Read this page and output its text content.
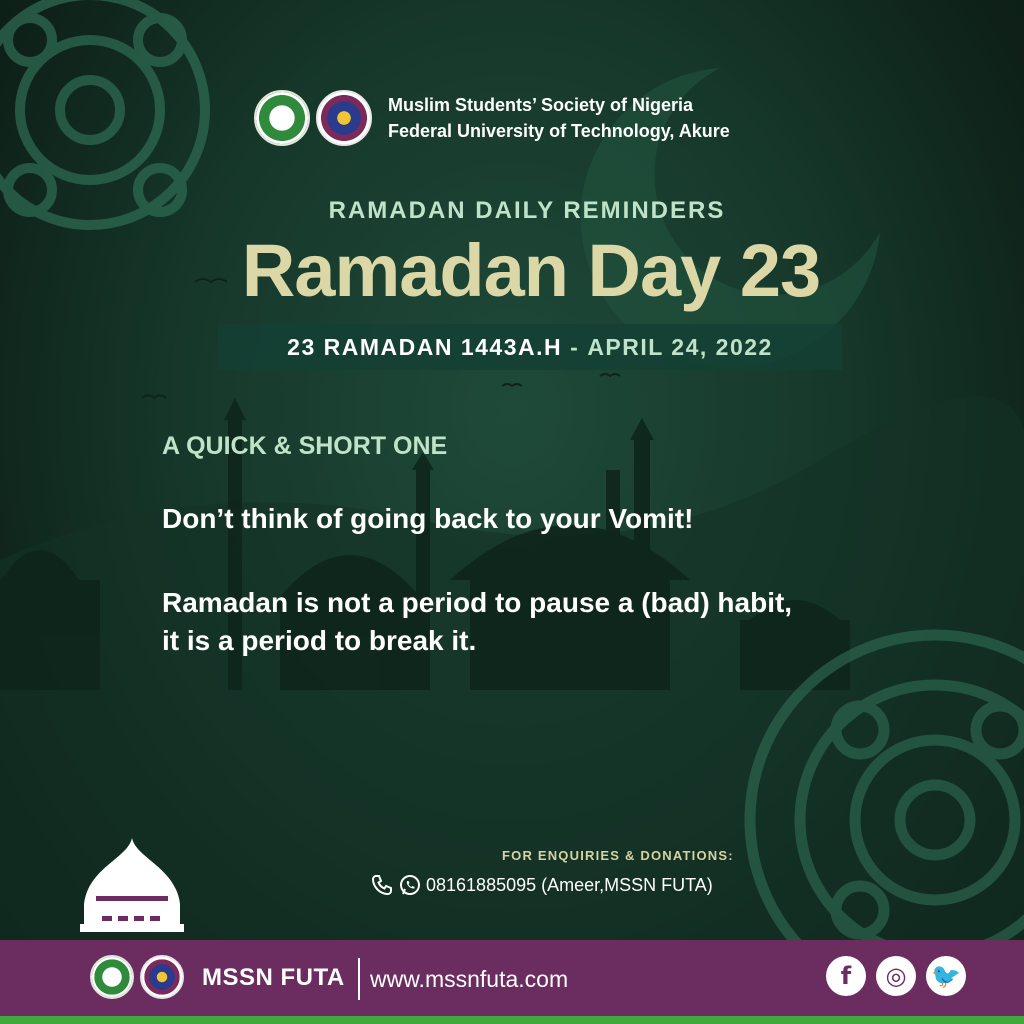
Muslim Students’ Society of Nigeria
Federal University of Technology, Akure
RAMADAN DAILY REMINDERS
Ramadan Day 23
23 RAMADAN 1443A.H - APRIL 24, 2022
A QUICK & SHORT ONE
Don’t think of going back to your Vomit!
Ramadan is not a period to pause a (bad) habit, it is a period to break it.
FOR ENQUIRIES & DONATIONS:
08161885095 (Ameer,MSSN FUTA)
MSSN FUTA www.mssnfuta.com	f	◎	🐦
